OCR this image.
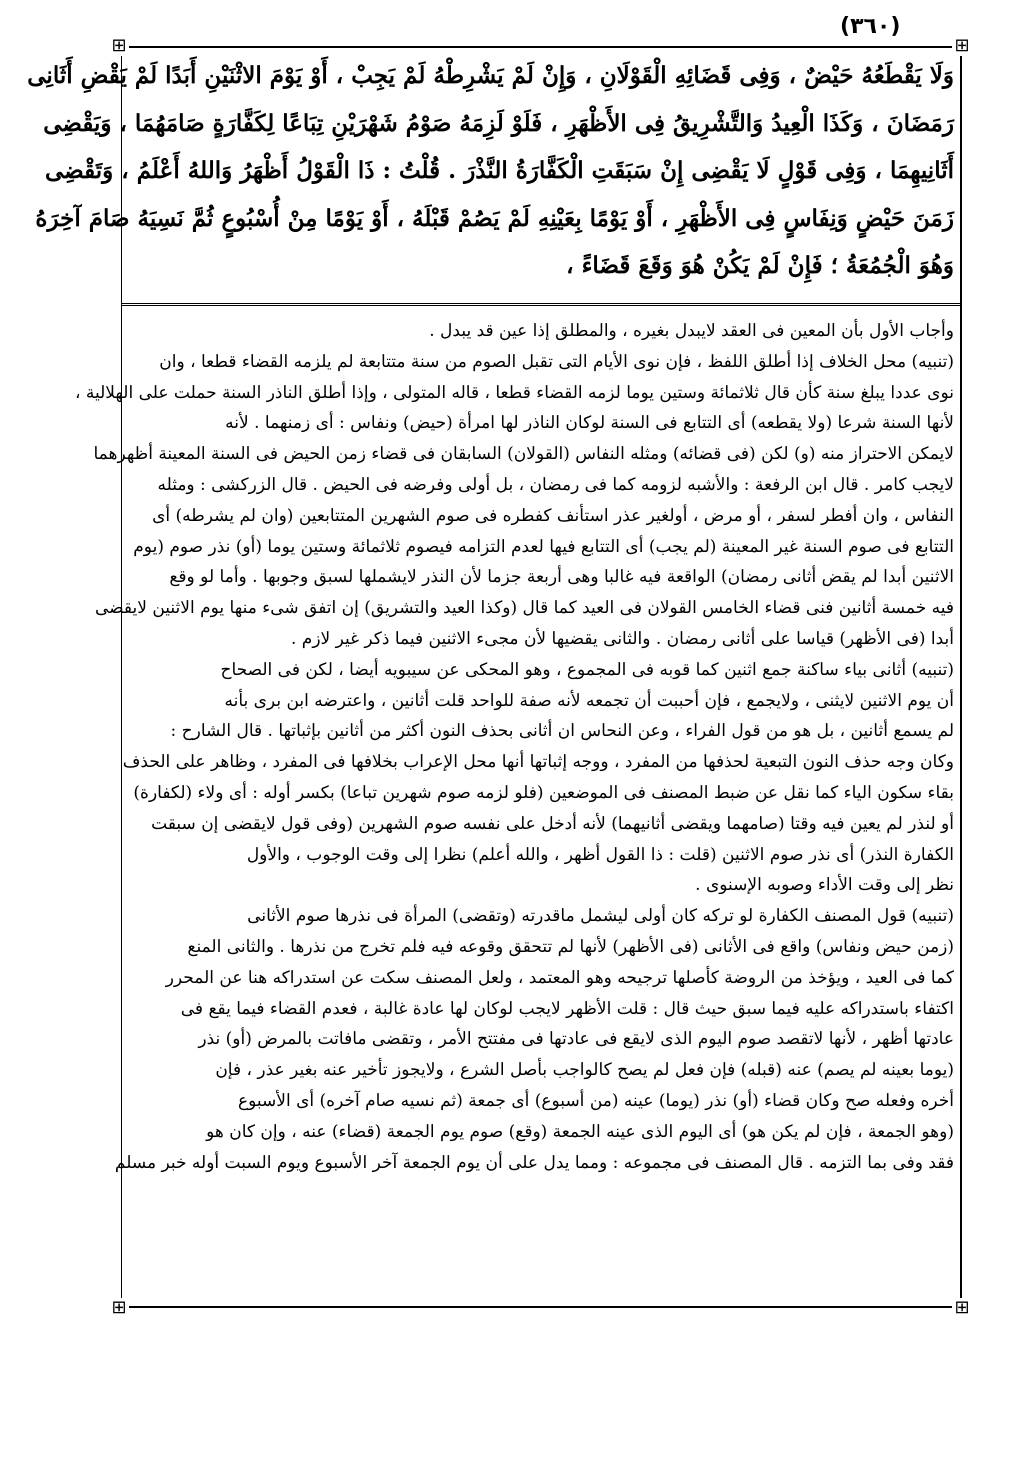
(٣٦٠)
⊞	⊞
⊞	⊞
وَلَا يَقْطَعُهُ حَيْضٌ ، وَفِى قَضَائِهِ الْقَوْلَانِ ، وَإِنْ لَمْ يَشْرِطْهُ لَمْ يَجِبْ ، أَوْ يَوْمَ الاثْنَيْنِ أَبَدًا لَمْ يَقْضِ أَثَانِى
رَمَضَانَ ، وَكَذَا الْعِيدُ وَالتَّشْرِيقُ فِى الأَظْهَرِ ، فَلَوْ لَزِمَهُ صَوْمُ شَهْرَيْنِ تِبَاعًا لِكَفَّارَةٍ صَامَهُمَا ، وَيَقْضِى
أَثَانِيهِمَا ، وَفِى قَوْلٍ لَا يَقْضِى إِنْ سَبَقَتِ الْكَفَّارَةُ النَّذْرَ . قُلْتُ : ذَا الْقَوْلُ أَظْهَرُ وَاللهُ أَعْلَمُ ، وَتَقْضِى
زَمَنَ حَيْضٍ وَنِفَاسٍ فِى الأَظْهَرِ ، أَوْ يَوْمًا بِعَيْنِهِ لَمْ يَصُمْ قَبْلَهُ ، أَوْ يَوْمًا مِنْ أُسْبُوعٍ ثُمَّ نَسِيَهُ صَامَ آخِرَهُ
وَهُوَ الْجُمُعَةُ ؛ فَإِنْ لَمْ يَكُنْ هُوَ وَقَعَ قَضَاءً ،
وأجاب الأول بأن المعين فى العقد لايبدل بغيره ، والمطلق إذا عين قد يبدل .
(تنبيه) محل الخلاف إذا أطلق اللفظ ، فإن نوى الأيام التى تقبل الصوم من سنة متتابعة لم يلزمه القضاء قطعا ، وان
نوى عددا يبلغ سنة كأن قال ثلاثمائة وستين يوما لزمه القضاء قطعا ، قاله المتولى ، وإذا أطلق الناذر السنة حملت على الهلالية ،
لأنها السنة شرعا (ولا يقطعه) أى التتابع فى السنة لوكان الناذر لها امرأة (حيض) ونفاس : أى زمنهما . لأنه
لايمكن الاحتراز منه (و) لكن (فى قضائه) ومثله النفاس (القولان) السابقان فى قضاء زمن الحيض فى السنة المعينة أظهرهما
لايجب كامر . قال ابن الرفعة : والأشبه لزومه كما فى رمضان ، بل أولى وفرضه فى الحيض . قال الزركشى : ومثله
النفاس ، وان أفطر لسفر ، أو مرض ، أولغير عذر استأنف كفطره فى صوم الشهرين المتتابعين (وان لم يشرطه) أى
التتابع فى صوم السنة غير المعينة (لم يجب) أى التتابع فيها لعدم التزامه فيصوم ثلاثمائة وستين يوما (أو) نذر صوم (يوم
الاثنين أبدا لم يقض أثانى رمضان) الواقعة فيه غالبا وهى أربعة جزما لأن النذر لايشملها لسبق وجوبها . وأما لو وقع
فيه خمسة أثانين فنى قضاء الخامس القولان فى العيد كما قال (وكذا العيد والتشريق) إن اتفق شىء منها يوم الاثنين لايقضى
أبدا (فى الأظهر) قياسا على أثانى رمضان . والثانى يقضيها لأن مجىء الاثنين فيما ذكر غير لازم .
(تنبيه) أثانى بياء ساكنة جمع اثنين كما قوبه فى المجموع ، وهو المحكى عن سيبويه أيضا ، لكن فى الصحاح
أن يوم الاثنين لايثنى ، ولايجمع ، فإن أحببت أن تجمعه لأنه صفة للواحد قلت أثانين ، واعترضه ابن برى بأنه
لم يسمع أثانين ، بل هو من قول الفراء ، وعن النحاس ان أثانى بحذف النون أكثر من أثانين بإثباتها . قال الشارح :
وكان وجه حذف النون التبعية لحذفها من المفرد ، ووجه إثباتها أنها محل الإعراب بخلافها فى المفرد ، وظاهر على الحذف
بقاء سكون الياء كما نقل عن ضبط المصنف فى الموضعين (فلو لزمه صوم شهرين تباعا) بكسر أوله : أى ولاء (لكفارة)
أو لنذر لم يعين فيه وقتا (صامهما ويقضى أثانيهما) لأنه أدخل على نفسه صوم الشهرين (وفى قول لايقضى إن سبقت
الكفارة النذر) أى نذر صوم الاثنين (قلت : ذا القول أظهر ، والله أعلم) نظرا إلى وقت الوجوب ، والأول
نظر إلى وقت الأداء وصوبه الإسنوى .
(تنبيه) قول المصنف الكفارة لو تركه كان أولى ليشمل ماقدرته (وتقضى) المرأة فى نذرها صوم الأثانى
(زمن حيض ونفاس) واقع فى الأثانى (فى الأظهر) لأنها لم تتحقق وقوعه فيه فلم تخرج من نذرها . والثانى المنع
كما فى العيد ، ويؤخذ من الروضة كأصلها ترجيحه وهو المعتمد ، ولعل المصنف سكت عن استدراكه هنا عن المحرر
اكتفاء باستدراكه عليه فيما سبق حيث قال : قلت الأظهر لايجب لوكان لها عادة غالبة ، فعدم القضاء فيما يقع فى
عادتها أظهر ، لأنها لاتقصد صوم اليوم الذى لايقع فى عادتها فى مفتتح الأمر ، وتقضى مافاتت بالمرض (أو) نذر
(يوما بعينه لم يصم) عنه (قبله) فإن فعل لم يصح كالواجب بأصل الشرع ، ولايجوز تأخير عنه بغير عذر ، فإن
أخره وفعله صح وكان قضاء (أو) نذر (يوما) عينه (من أسبوع) أى جمعة (ثم نسيه صام آخره) أى الأسبوع
(وهو الجمعة ، فإن لم يكن هو) أى اليوم الذى عينه الجمعة (وقع) صوم يوم الجمعة (قضاء) عنه ، وإن كان هو
فقد وفى بما التزمه . قال المصنف فى مجموعه : ومما يدل على أن يوم الجمعة آخر الأسبوع ويوم السبت أوله خبر مسلم
